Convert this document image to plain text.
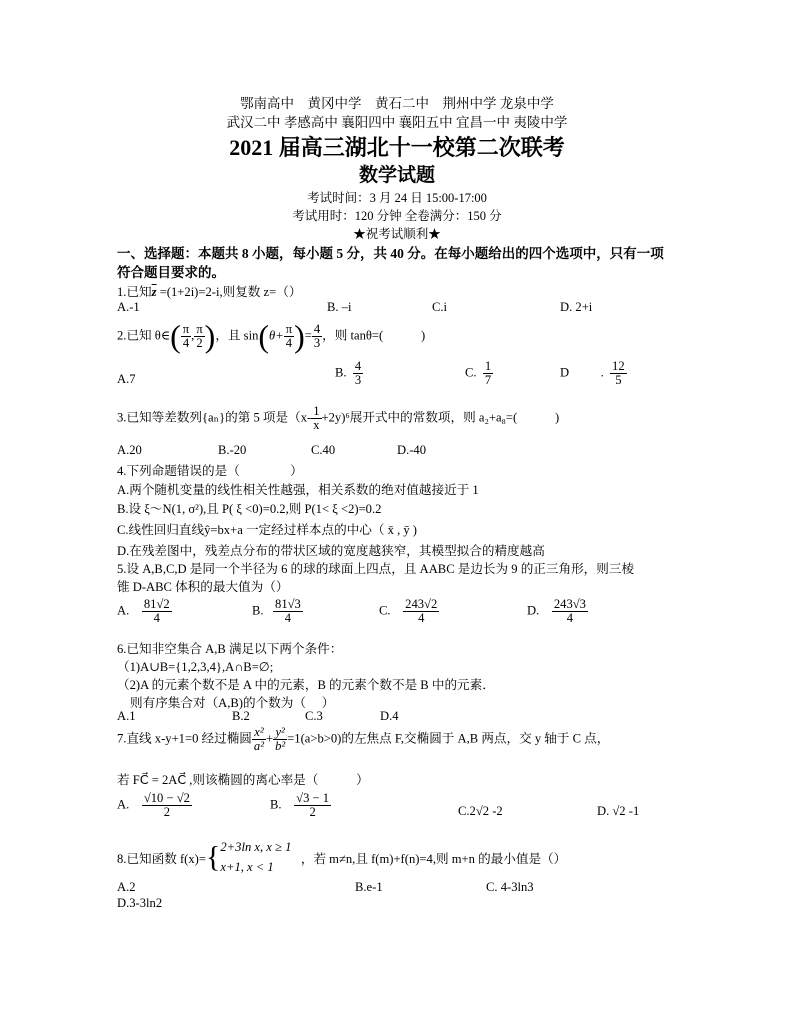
鄂南高中　黄冈中学　黄石二中　荆州中学 龙泉中学
武汉二中 孝感高中 襄阳四中 襄阳五中 宜昌一中 夷陵中学
2021 届高三湖北十一校第二次联考
数学试题
考试时间：3 月 24 日 15:00-17:00
考试用时：120 分钟 全卷满分：150 分
★祝考试顺利★
一、选择题：本题共 8 小题，每小题 5 分，共 40 分。在每小题给出的四个选项中，只有一项
符合题目要求的。
1.已知$\overline{z} =(1+2i)=2-i$,则复数 z=（）
A.-1	B. –i	C.i	D. 2+i
2.已知 θ∈( $\frac{\pi}{4}$ , $\frac{\pi}{2}$ )，且 $\sin(\theta+ \frac{\pi}{4}$ )= $\frac{4}{3}$ ，则 tanθ=(　　　)
A.7	B. $\frac{4}{3}$	C. $\frac{1}{7}$	D . $\frac{12}{5}$
3.已知等差数列{aₙ}的第 5 项是$(x- \frac{1}{x} +2y)^6$展开式中的常数项，则 a₂+a₈=(　　　)
A.20	B.-20	C.40	D.-40
4.下列命题错误的是（　　　　）
A.两个随机变量的线性相关性越强，相关系数的绝对值越接近于 1
B.设 ξ～N(1, σ²),且 P( ξ <0)=0.2,则 P(1< ξ <2)=0.2
C.线性回归直线ŷ=bx+a 一定经过样本点的中心（ x̄ , ȳ )
D.在残差图中，残差点分布的带状区域的宽度越狭窄，其模型拟合的精度越高
5.设 A,B,C,D 是同一个半径为 6 的球的球面上四点，且 AABC 是边长为 9 的正三角形，则三棱
锥 D-ABC 体积的最大值为（）
A. $\frac{81√2}{4}$	B. $\frac{81√3}{4}$	C. $\frac{243√2}{4}$	D. $\frac{243√3}{4}$
6.已知非空集合 A,B 满足以下两个条件：
（1)A∪B={1,2,3,4},A∩B=∅;
（2)A 的元素个数不是 A 中的元素，B 的元素个数不是 B 中的元素．
则有序集合对（A,B)的个数为（　 ）
A.1	B.2	C.3	D.4
7.直线 x-y+1=0 经过椭圆 $\frac{\text{x²}}{\text{a²}} + \frac{\text{y²}}{\text{b²}} =1(a>b>0)$的左焦点 F,交椭圆于 A,B 两点，交 y 轴于 C 点，
若 FC⃗ = 2AC⃗ ,则该椭圆的离心率是（　　　）
A. $\frac{√10 - √2}{2}$	B. $\frac{√3 - 1}{2}$	C.2√2 -2	D. √2 -1
8.已知函数 f(x)={ 2+3ln x, x ≥ 1
x+1, x < 1
，若 m≠n,且 f(m)+f(n)=4,则 m+n 的最小值是（）
A.2	B.e-1	C. 4-3ln3
D.3-3ln2
